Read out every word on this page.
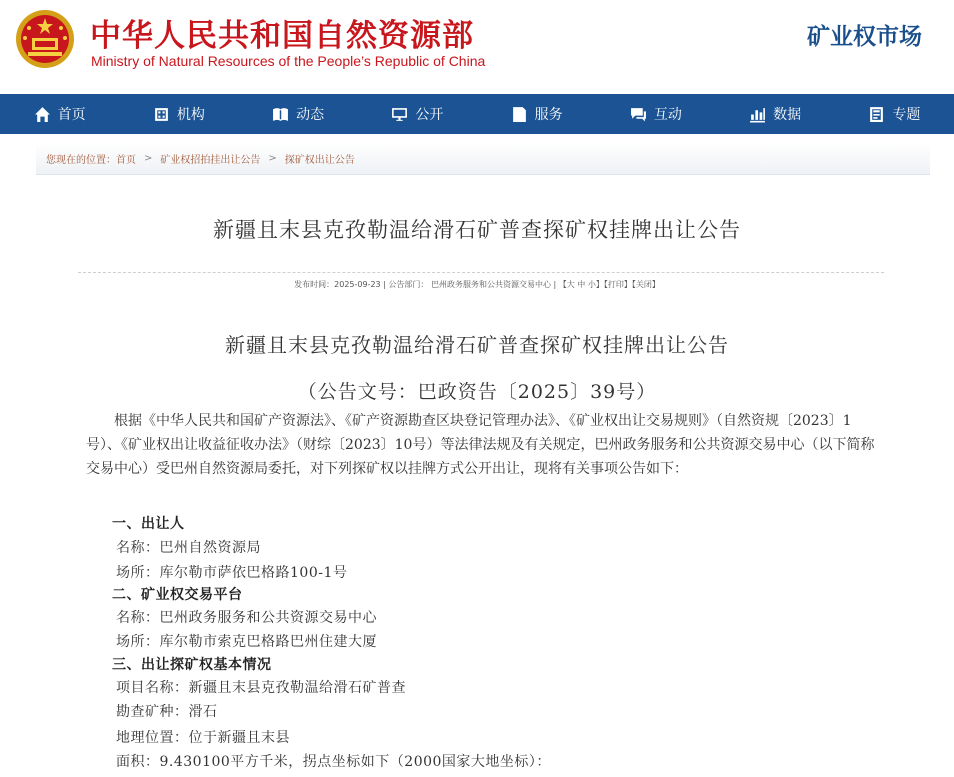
中华人民共和国自然资源部
Ministry of Natural Resources of the People’s Republic of China
矿业权市场
首页	机构	动态	公开	服务	互动	数据	专题
您现在的位置： 首页 > 矿业权招拍挂出让公告 > 探矿权出让公告
新疆且末县克孜勒温给滑石矿普查探矿权挂牌出让公告
发布时间：2025-09-23 | 公告部门： 巴州政务服务和公共资源交易中心 | 【大 中 小】【打印】【关闭】
新疆且末县克孜勒温给滑石矿普查探矿权挂牌出让公告
（公告文号：巴政资告〔2025〕39号）
根据《中华人民共和国矿产资源法》、《矿产资源勘查区块登记管理办法》、《矿业权出让交易规则》（自然资规〔2023〕1号）、《矿业权出让收益征收办法》（财综〔2023〕10号）等法律法规及有关规定，巴州政务服务和公共资源交易中心（以下简称交易中心）受巴州自然资源局委托，对下列探矿权以挂牌方式公开出让，现将有关事项公告如下：
一、出让人
名称：巴州自然资源局
场所：库尔勒市萨依巴格路100-1号
二、矿业权交易平台
名称：巴州政务服务和公共资源交易中心
场所：库尔勒市索克巴格路巴州住建大厦
三、出让探矿权基本情况
项目名称：新疆且末县克孜勒温给滑石矿普查
勘查矿种：滑石
地理位置：位于新疆且末县
面积：9.430100平方千米，拐点坐标如下（2000国家大地坐标）：
